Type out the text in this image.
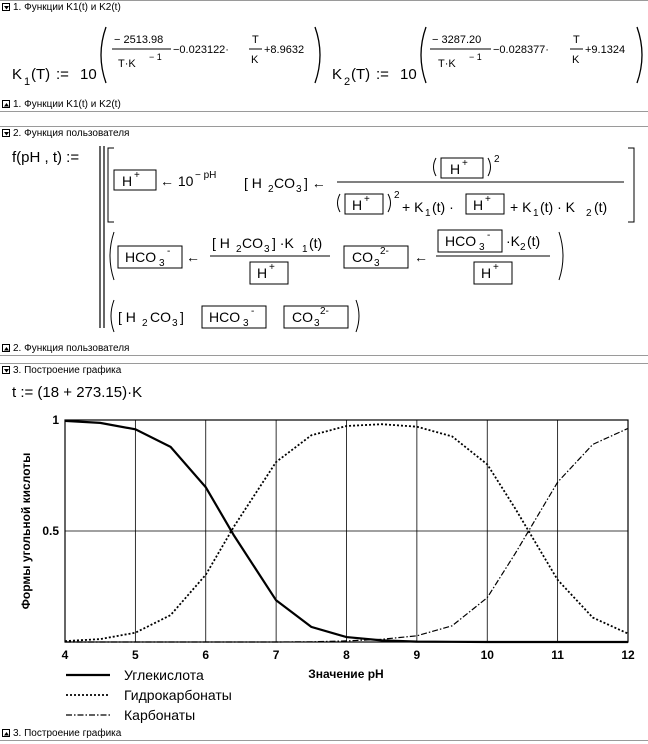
1. Функции K1(t) и K2(t)
K 1 (T) := 10
− 2513.98
T·K
− 1
−0.023122·
T
K
+8.9632
K 2 (T) := 10
− 3287.20
T·K
− 1
−0.028377·
T
K
+9.1324
1. Функции K1(t) и K2(t)
2. Функция пользователя
f(pH , t) :=
H + ← 10 − pH [ H 2 CO 3 ] ←
H +	2
H + 2
+ K 1 (t) · H + + K 1 (t) · K 2 (t)
HCO 3
- ←
[ H 2 CO 3 ] ·K 1 (t)
H +
CO 3
2- ←
HCO 3
- ·K 2 (t)
H +
[ H 2 CO 3 ] HCO 3
-	CO 3
2-
2. Функция пользователя
3. Построение графика
t := (18 + 273.15)·K
4	5	6	7	8	9	10	11	12
1
0.5
Формы угольной кислоты
Значение pH
Углекислота
Гидрокарбонаты
Карбонаты
3. Построение графика
